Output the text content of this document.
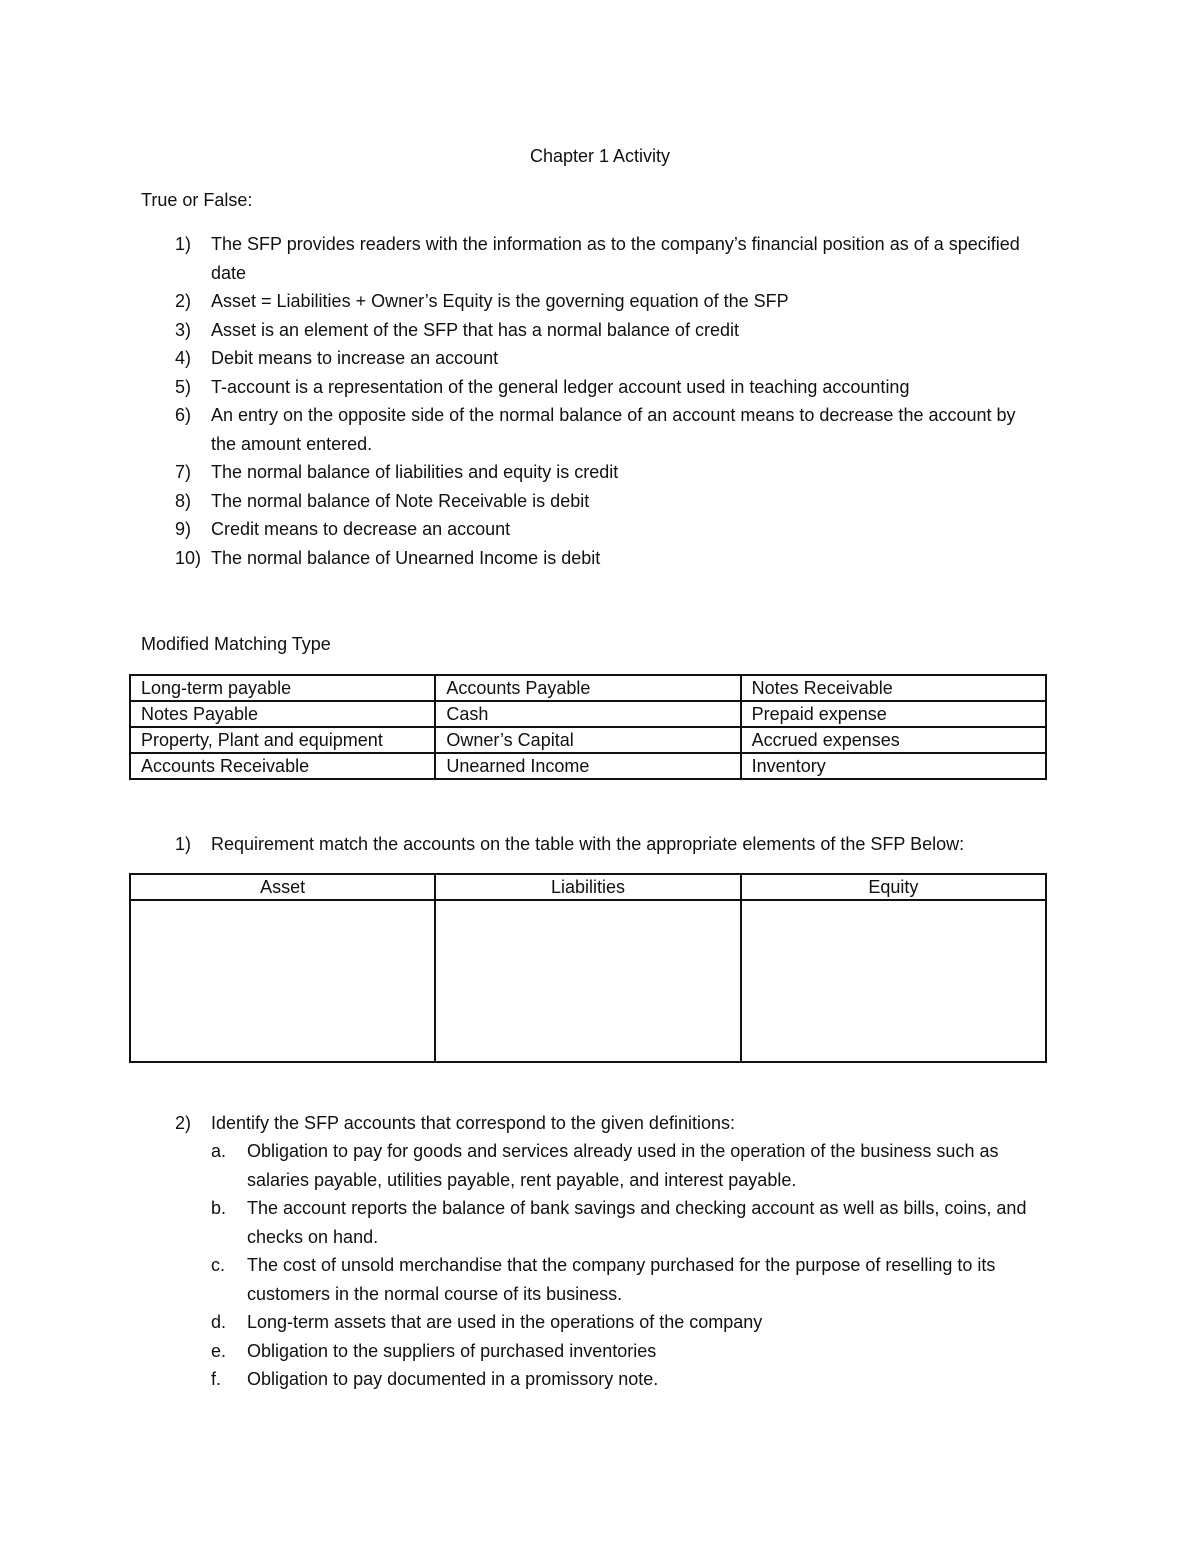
Chapter 1 Activity
True or False:
1) The SFP provides readers with the information as to the company’s financial position as of a specified date
2) Asset = Liabilities + Owner’s Equity is the governing equation of the SFP
3) Asset is an element of the SFP that has a normal balance of credit
4) Debit means to increase an account
5) T-account is a representation of the general ledger account used in teaching accounting
6) An entry on the opposite side of the normal balance of an account means to decrease the account by the amount entered.
7) The normal balance of liabilities and equity is credit
8) The normal balance of Note Receivable is debit
9) Credit means to decrease an account
10) The normal balance of Unearned Income is debit
Modified Matching Type
Long-term payable	Accounts Payable	Notes Receivable
Notes Payable	Cash	Prepaid expense
Property, Plant and equipment	Owner’s Capital	Accrued expenses
Accounts Receivable	Unearned Income	Inventory
1) Requirement match the accounts on the table with the appropriate elements of the SFP Below:
Asset	Liabilities	Equity

2) Identify the SFP accounts that correspond to the given definitions:
a. Obligation to pay for goods and services already used in the operation of the business such as salaries payable, utilities payable, rent payable, and interest payable.
b. The account reports the balance of bank savings and checking account as well as bills, coins, and checks on hand.
c. The cost of unsold merchandise that the company purchased for the purpose of reselling to its customers in the normal course of its business.
d. Long-term assets that are used in the operations of the company
e. Obligation to the suppliers of purchased inventories
f. Obligation to pay documented in a promissory note.
